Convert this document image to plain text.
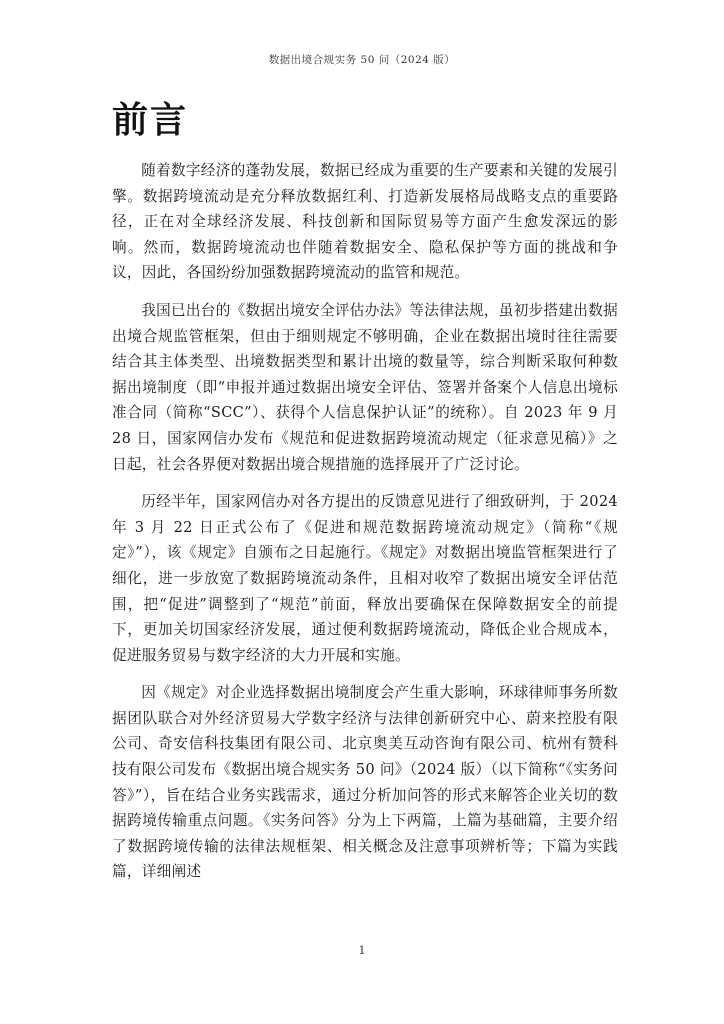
数据出境合规实务 50 问（2024 版）
前言

随着数字经济的蓬勃发展，数据已经成为重要的生产要素和关键的发展引擎。数据跨境流动是充分释放数据红利、打造新发展格局战略支点的重要路径，正在对全球经济发展、科技创新和国际贸易等方面产生愈发深远的影响。然而，数据跨境流动也伴随着数据安全、隐私保护等方面的挑战和争议，因此，各国纷纷加强数据跨境流动的监管和规范。

我国已出台的《数据出境安全评估办法》等法律法规，虽初步搭建出数据出境合规监管框架，但由于细则规定不够明确，企业在数据出境时往往需要结合其主体类型、出境数据类型和累计出境的数量等，综合判断采取何种数据出境制度（即“申报并通过数据出境安全评估、签署并备案个人信息出境标准合同（简称“SCC”）、获得个人信息保护认证”的统称）。自 2023 年 9 月 28 日，国家网信办发布《规范和促进数据跨境流动规定（征求意见稿）》之日起，社会各界便对数据出境合规措施的选择展开了广泛讨论。

历经半年，国家网信办对各方提出的反馈意见进行了细致研判，于 2024 年 3 月 22 日正式公布了《促进和规范数据跨境流动规定》（简称“《规定》”），该《规定》自颁布之日起施行。《规定》对数据出境监管框架进行了细化，进一步放宽了数据跨境流动条件，且相对收窄了数据出境安全评估范围，把“促进”调整到了“规范”前面，释放出要确保在保障数据安全的前提下，更加关切国家经济发展，通过便利数据跨境流动，降低企业合规成本，促进服务贸易与数字经济的大力开展和实施。

因《规定》对企业选择数据出境制度会产生重大影响，环球律师事务所数据团队联合对外经济贸易大学数字经济与法律创新研究中心、蔚来控股有限公司、奇安信科技集团有限公司、北京奥美互动咨询有限公司、杭州有赞科技有限公司发布《数据出境合规实务 50 问》（2024 版）（以下简称“《实务问答》”），旨在结合业务实践需求，通过分析加问答的形式来解答企业关切的数据跨境传输重点问题。《实务问答》分为上下两篇，上篇为基础篇，主要介绍了数据跨境传输的法律法规框架、相关概念及注意事项辨析等；下篇为实践篇，详细阐述

1
